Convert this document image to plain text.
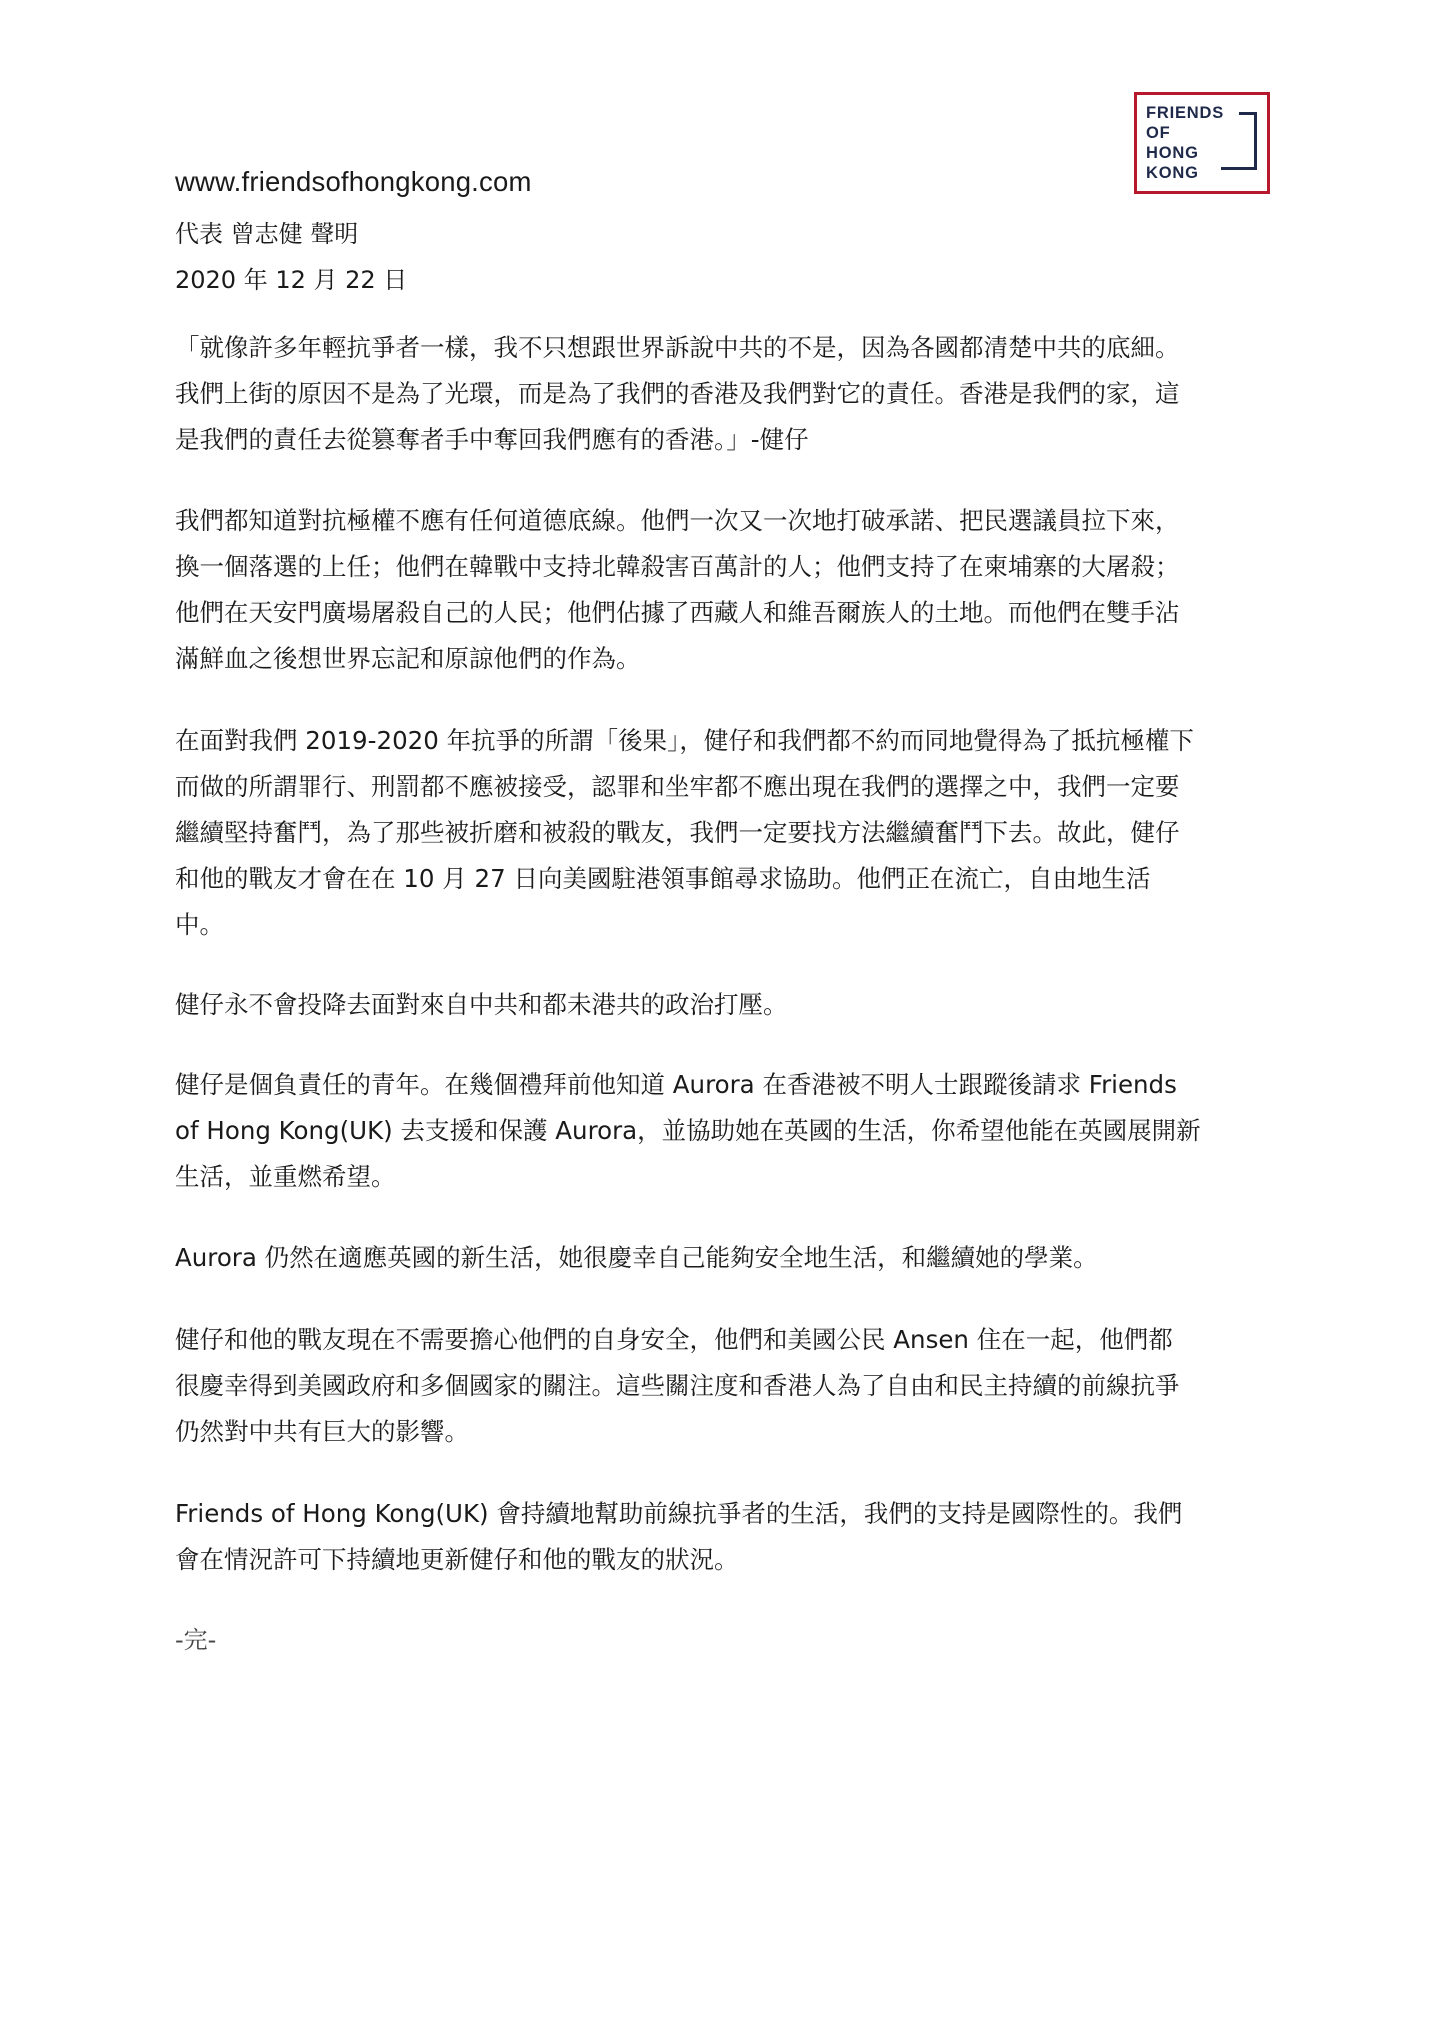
FRIENDS
OF
HONG
KONG
www.friendsofhongkong.com
代表 曾志健 聲明
2020 年 12 月 22 日
「就像許多年輕抗爭者一樣，我不只想跟世界訴說中共的不是，因為各國都清楚中共的底細。
我們上街的原因不是為了光環，而是為了我們的香港及我們對它的責任。香港是我們的家，這
是我們的責任去從篡奪者手中奪回我們應有的香港。」-健仔
我們都知道對抗極權不應有任何道德底線。他們一次又一次地打破承諾、把民選議員拉下來，
換一個落選的上任；他們在韓戰中支持北韓殺害百萬計的人；他們支持了在柬埔寨的大屠殺；
他們在天安門廣場屠殺自己的人民；他們佔據了西藏人和維吾爾族人的土地。而他們在雙手沾
滿鮮血之後想世界忘記和原諒他們的作為。
在面對我們 2019-2020 年抗爭的所謂「後果」，健仔和我們都不約而同地覺得為了抵抗極權下
而做的所謂罪行、刑罰都不應被接受，認罪和坐牢都不應出現在我們的選擇之中，我們一定要
繼續堅持奮鬥，為了那些被折磨和被殺的戰友，我們一定要找方法繼續奮鬥下去。故此，健仔
和他的戰友才會在在 10 月 27 日向美國駐港領事館尋求協助。他們正在流亡，自由地生活
中。
健仔永不會投降去面對來自中共和都未港共的政治打壓。
健仔是個負責任的青年。在幾個禮拜前他知道 Aurora 在香港被不明人士跟蹤後請求 Friends
of Hong Kong(UK) 去支援和保護 Aurora，並協助她在英國的生活，你希望他能在英國展開新
生活，並重燃希望。
Aurora 仍然在適應英國的新生活，她很慶幸自己能夠安全地生活，和繼續她的學業。
健仔和他的戰友現在不需要擔心他們的自身安全，他們和美國公民 Ansen 住在一起，他們都
很慶幸得到美國政府和多個國家的關注。這些關注度和香港人為了自由和民主持續的前線抗爭
仍然對中共有巨大的影響。
Friends of Hong Kong(UK) 會持續地幫助前線抗爭者的生活，我們的支持是國際性的。我們
會在情況許可下持續地更新健仔和他的戰友的狀況。
-完-
